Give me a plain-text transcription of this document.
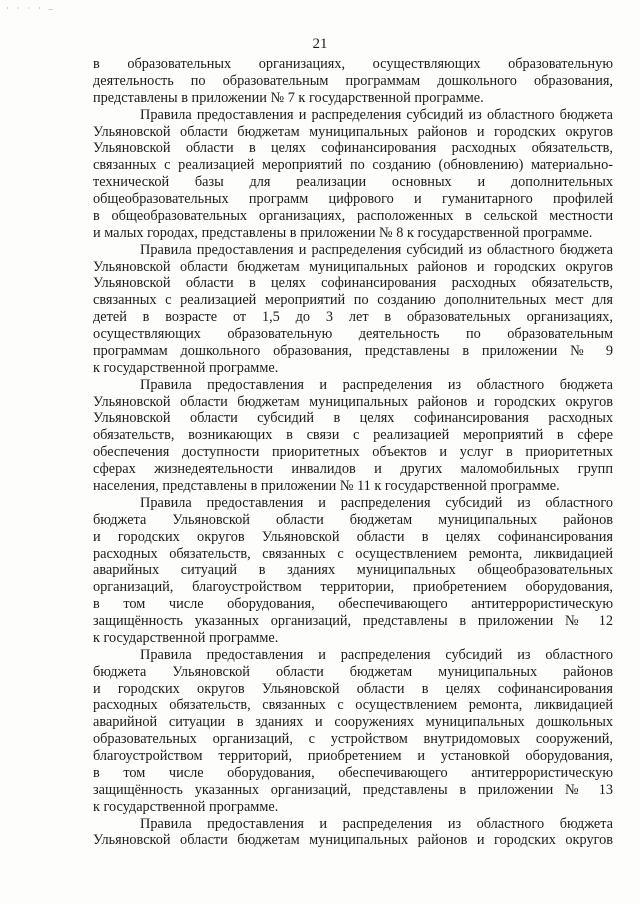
· · · · –
21
в образовательных организациях, осуществляющих образовательную
деятельность по образовательным программам дошкольного образования,
представлены в приложении № 7 к государственной программе.
Правила предоставления и распределения субсидий из областного бюджета
Ульяновской области бюджетам муниципальных районов и городских округов
Ульяновской области в целях софинансирования расходных обязательств,
связанных с реализацией мероприятий по созданию (обновлению) материально-
технической базы для реализации основных и дополнительных
общеобразовательных программ цифрового и гуманитарного профилей
в общеобразовательных организациях, расположенных в сельской местности
и малых городах, представлены в приложении № 8 к государственной программе.
Правила предоставления и распределения субсидий из областного бюджета
Ульяновской области бюджетам муниципальных районов и городских округов
Ульяновской области в целях софинансирования расходных обязательств,
связанных с реализацией мероприятий по созданию дополнительных мест для
детей в возрасте от 1,5 до 3 лет в образовательных организациях,
осуществляющих образовательную деятельность по образовательным
программам дошкольного образования, представлены в приложении № 9
к государственной программе.
Правила предоставления и распределения из областного бюджета
Ульяновской области бюджетам муниципальных районов и городских округов
Ульяновской области субсидий в целях софинансирования расходных
обязательств, возникающих в связи с реализацией мероприятий в сфере
обеспечения доступности приоритетных объектов и услуг в приоритетных
сферах жизнедеятельности инвалидов и других маломобильных групп
населения, представлены в приложении № 11 к государственной программе.
Правила предоставления и распределения субсидий из областного
бюджета Ульяновской области бюджетам муниципальных районов
и городских округов Ульяновской области в целях софинансирования
расходных обязательств, связанных с осуществлением ремонта, ликвидацией
аварийных ситуаций в зданиях муниципальных общеобразовательных
организаций, благоустройством территории, приобретением оборудования,
в том числе оборудования, обеспечивающего антитеррористическую
защищённость указанных организаций, представлены в приложении № 12
к государственной программе.
Правила предоставления и распределения субсидий из областного
бюджета Ульяновской области бюджетам муниципальных районов
и городских округов Ульяновской области в целях софинансирования
расходных обязательств, связанных с осуществлением ремонта, ликвидацией
аварийной ситуации в зданиях и сооружениях муниципальных дошкольных
образовательных организаций, с устройством внутридомовых сооружений,
благоустройством территорий, приобретением и установкой оборудования,
в том числе оборудования, обеспечивающего антитеррористическую
защищённость указанных организаций, представлены в приложении № 13
к государственной программе.
Правила предоставления и распределения из областного бюджета
Ульяновской области бюджетам муниципальных районов и городских округов
